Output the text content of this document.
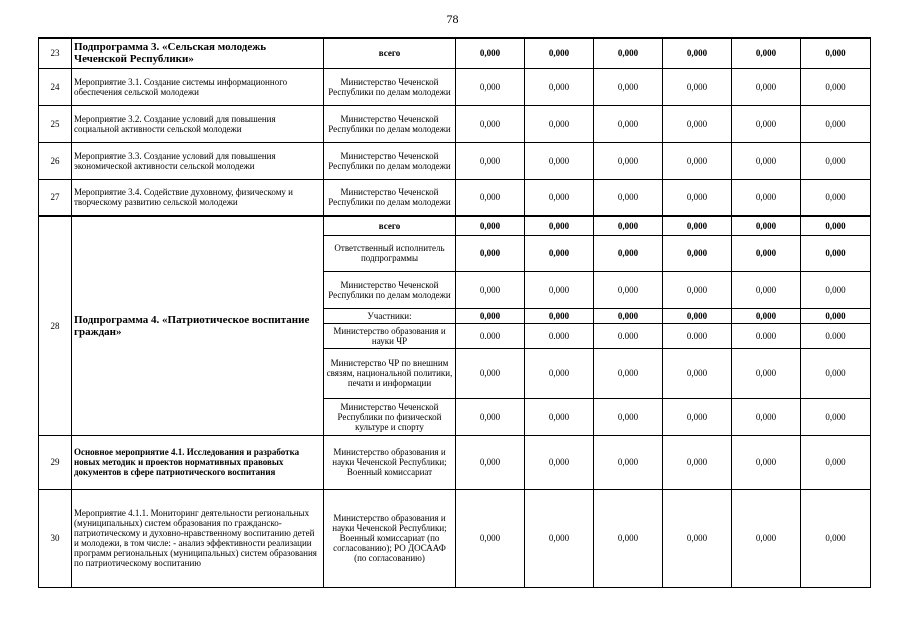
78
23	Подпрограмма 3. «Сельская молодежь Чеченской Республики»	всего	0,000	0,000	0,000	0,000	0,000	0,000
24	Мероприятие 3.1. Создание системы информационного обеспечения сельской молодежи	Министерство Чеченской Республики по делам молодежи	0,000	0,000	0,000	0,000	0,000	0,000
25	Мероприятие 3.2. Создание условий для повышения социальной активности сельской молодежи	Министерство Чеченской Республики по делам молодежи	0,000	0,000	0,000	0,000	0,000	0,000
26	Мероприятие 3.3. Создание условий для повышения экономической активности сельской молодежи	Министерство Чеченской Республики по делам молодежи	0,000	0,000	0,000	0,000	0,000	0,000
27	Мероприятие 3.4. Содействие духовному, физическому и творческому развитию сельской молодежи	Министерство Чеченской Республики по делам молодежи	0,000	0,000	0,000	0,000	0,000	0,000
28	Подпрограмма 4. «Патриотическое воспитание граждан»	всего	0,000	0,000	0,000	0,000	0,000	0,000
		Ответственный исполнитель подпрограммы	0,000	0,000	0,000	0,000	0,000	0,000
		Министерство Чеченской Республики по делам молодежи	0,000	0,000	0,000	0,000	0,000	0,000
		Участники:	0,000	0,000	0,000	0,000	0,000	0,000
		Министерство образования и науки ЧР	0.000	0.000	0.000	0.000	0.000	0.000
		Министерство ЧР по внешним связям, национальной политики, печати и информации	0,000	0,000	0,000	0,000	0,000	0,000
		Министерство Чеченской Республики по физической культуре и спорту	0,000	0,000	0,000	0,000	0,000	0,000
29	Основное мероприятие 4.1. Исследования и разработка новых методик и проектов нормативных правовых документов в сфере патриотического воспитания	Министерство образования и науки Чеченской Республики; Военный комиссариат	0,000	0,000	0,000	0,000	0,000	0,000
30	Мероприятие 4.1.1. Мониторинг деятельности региональных (муниципальных) систем образования по гражданско-патриотическому и духовно-нравственному воспитанию детей и молодежи, в том числе: - анализ эффективности реализации программ региональных (муниципальных) систем образования по патриотическому воспитанию	Министерство образования и науки Чеченской Республики; Военный комиссариат (по согласованию); РО ДОСААФ (по согласованию)	0,000	0,000	0,000	0,000	0,000	0,000
